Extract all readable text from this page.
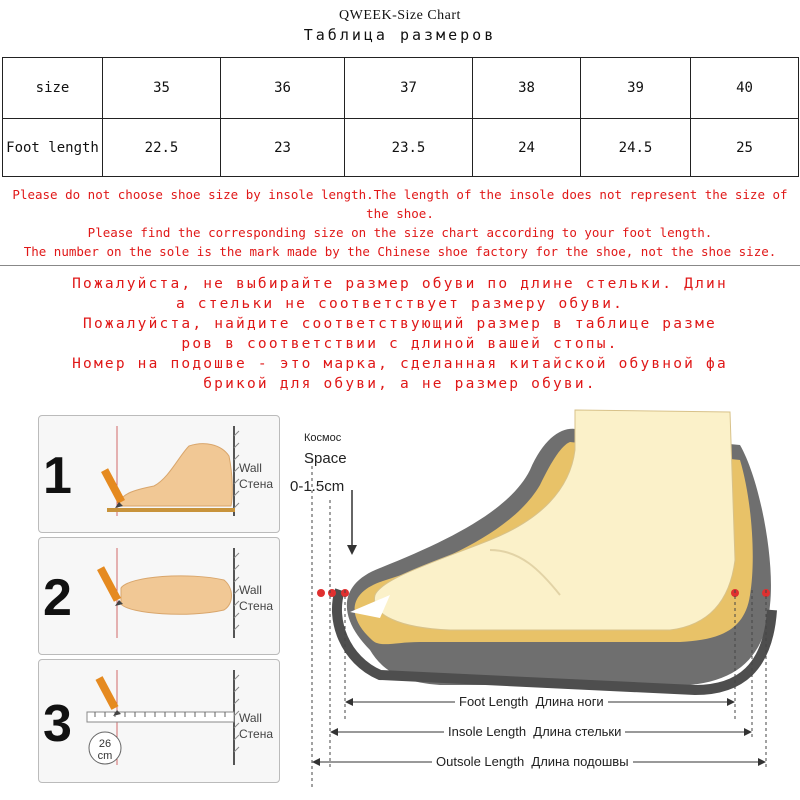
QWEEK-Size Chart
Таблица размеров
size	35	36	37	38	39	40
Foot length	22.5	23	23.5	24	24.5	25
Please do not choose shoe size by insole length.The length of the insole does not represent the size of
the shoe.
Please find the corresponding size on the size chart according to your foot length.
The number on the sole is the mark made by the Chinese shoe factory for the shoe, not the shoe size.
Пожалуйста, не выбирайте размер обуви по длине стельки. Длин
а стельки не соответствует размеру обуви.
Пожалуйста, найдите соответствующий размер в таблице разме
ров в соответствии с длиной вашей стопы.
Номер на подошве - это марка, сделанная китайской обувной фа
брикой для обуви, а не размер обуви.
1	Wall
Стена
2	Wall
Стена
3	Wall
Стена
26
cm
Космос
Space
0-1.5cm
Foot Length  Длина ноги
Insole Length  Длина стельки
Outsole Length  Длина подошвы
